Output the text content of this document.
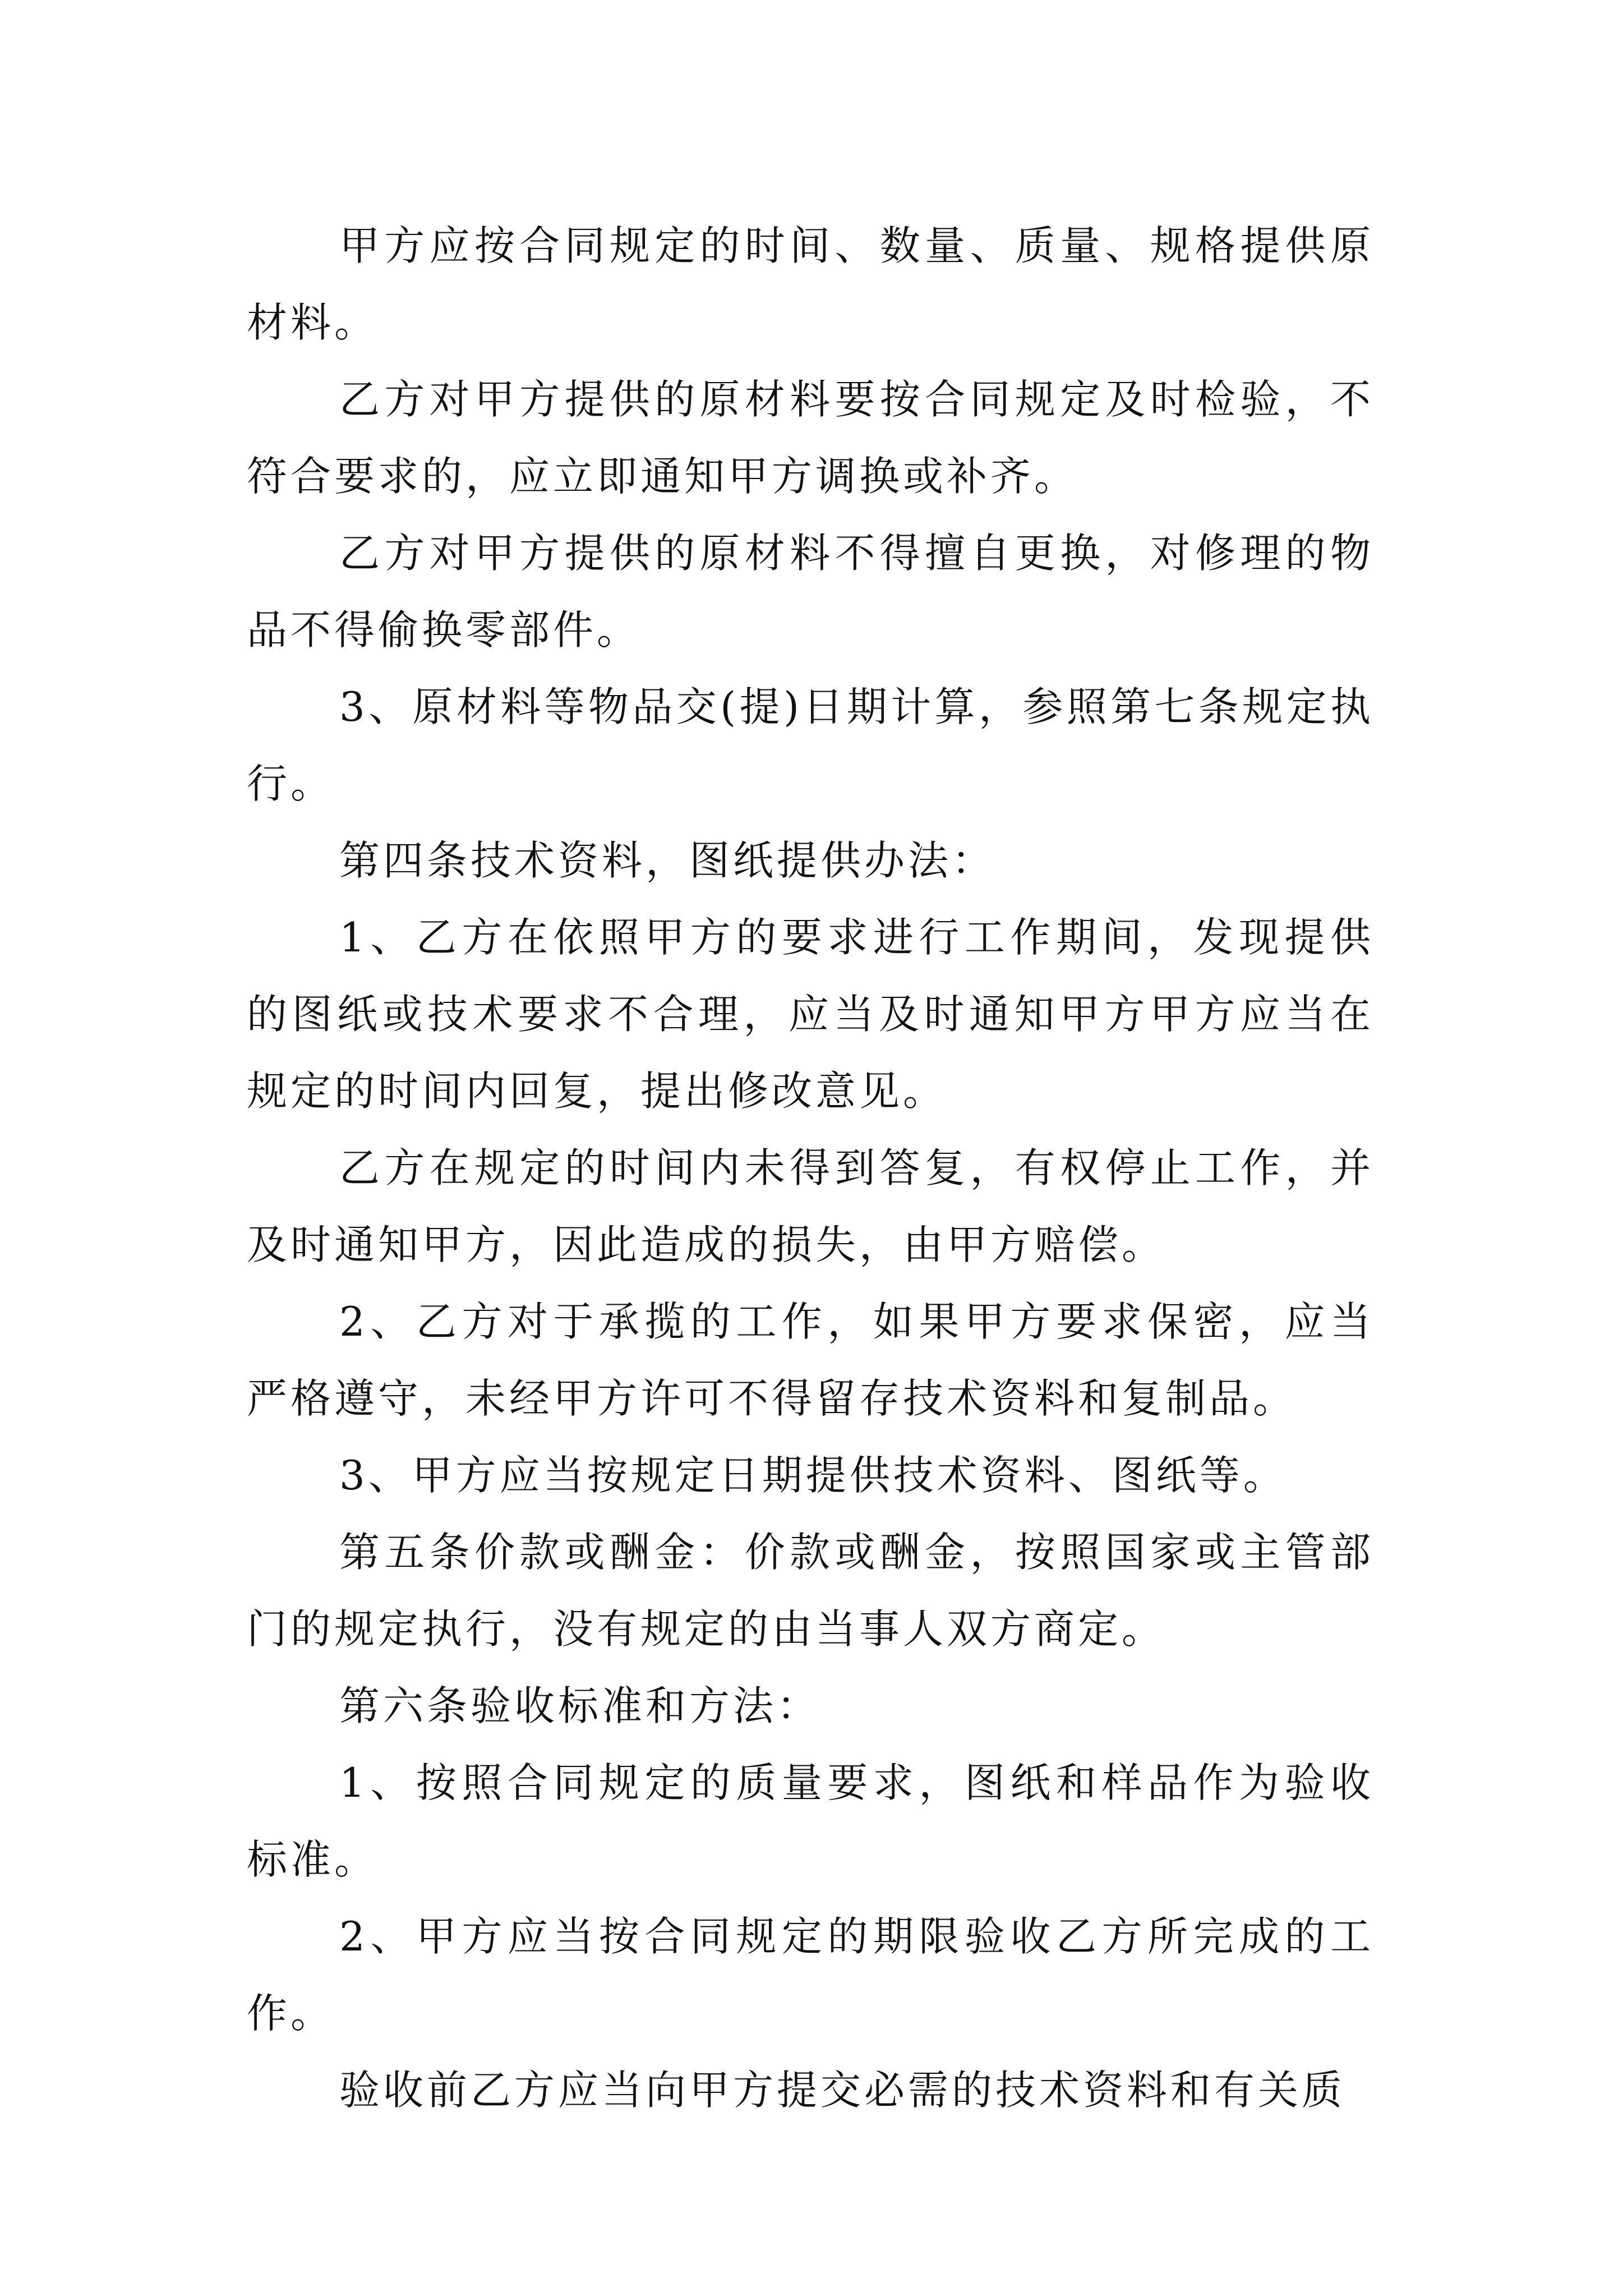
甲方应按合同规定的时间、数量、质量、规格提供原材料。

乙方对甲方提供的原材料要按合同规定及时检验，不符合要求的，应立即通知甲方调换或补齐。

乙方对甲方提供的原材料不得擅自更换，对修理的物品不得偷换零部件。

3、原材料等物品交(提)日期计算，参照第七条规定执行。

第四条技术资料，图纸提供办法：

1、乙方在依照甲方的要求进行工作期间，发现提供的图纸或技术要求不合理，应当及时通知甲方甲方应当在规定的时间内回复，提出修改意见。

乙方在规定的时间内未得到答复，有权停止工作，并及时通知甲方，因此造成的损失，由甲方赔偿。

2、乙方对于承揽的工作，如果甲方要求保密，应当严格遵守，未经甲方许可不得留存技术资料和复制品。

3、甲方应当按规定日期提供技术资料、图纸等。

第五条价款或酬金：价款或酬金，按照国家或主管部门的规定执行，没有规定的由当事人双方商定。

第六条验收标准和方法：

1、按照合同规定的质量要求，图纸和样品作为验收标准。

2、甲方应当按合同规定的期限验收乙方所完成的工作。

验收前乙方应当向甲方提交必需的技术资料和有关质
